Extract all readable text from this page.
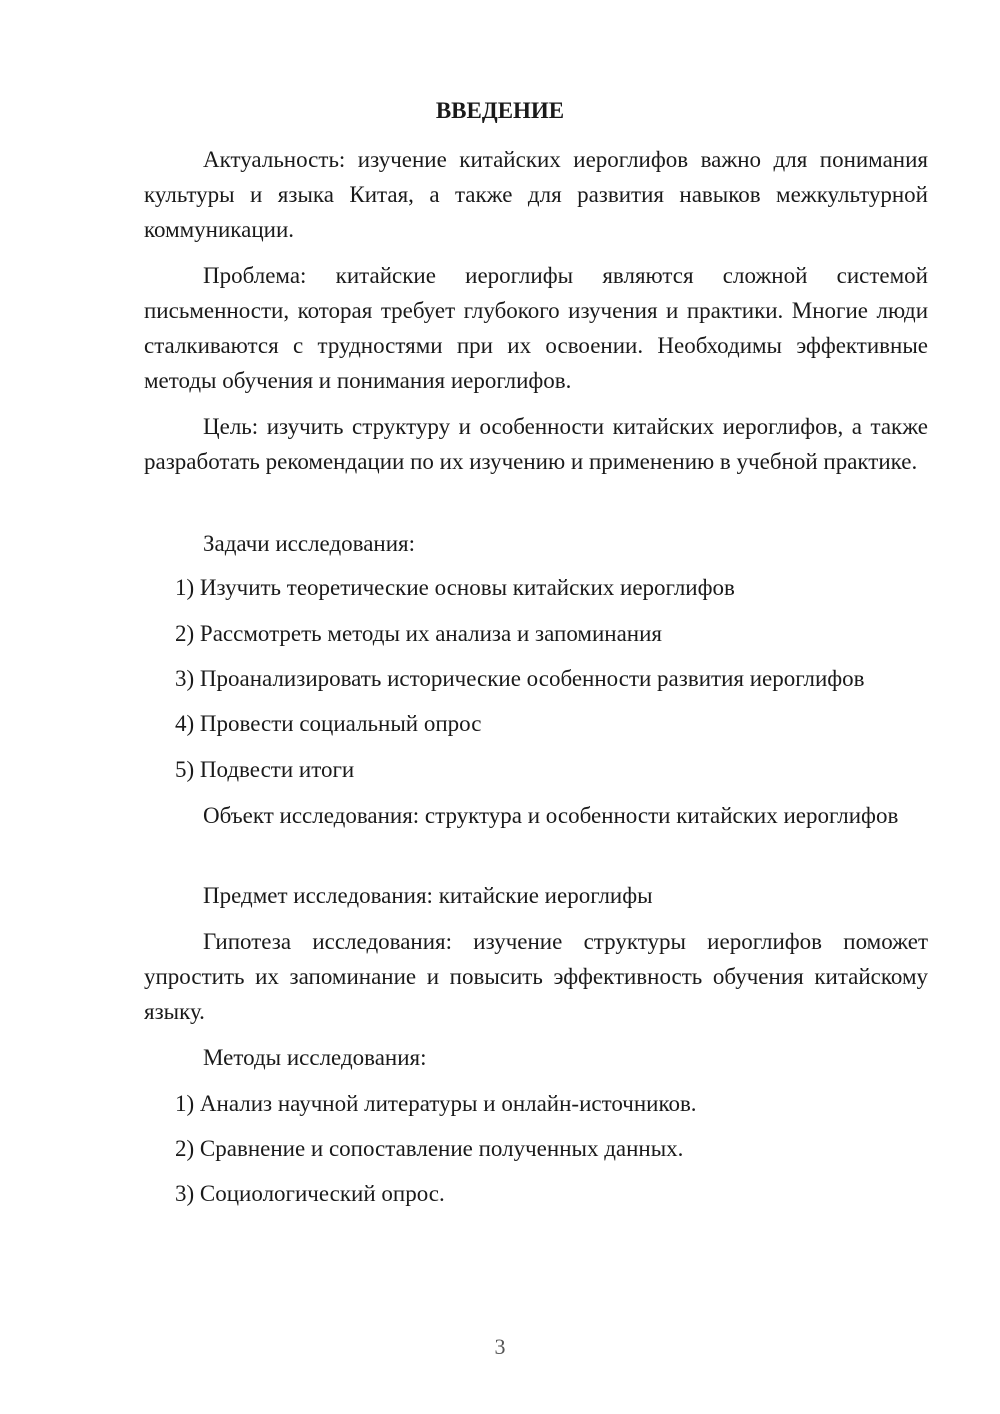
ВВЕДЕНИЕ

Актуальность: изучение китайских иероглифов важно для понимания культуры и языка Китая, а также для развития навыков межкультурной коммуникации.

Проблема: китайские иероглифы являются сложной системой письменности, которая требует глубокого изучения и практики. Многие люди сталкиваются с трудностями при их освоении. Необходимы эффективные методы обучения и понимания иероглифов.

Цель: изучить структуру и особенности китайских иероглифов, а также разработать рекомендации по их изучению и применению в учебной практике.

Задачи исследования:

1) Изучить теоретические основы китайских иероглифов

2) Рассмотреть методы их анализа и запоминания

3) Проанализировать исторические особенности развития иероглифов

4) Провести социальный опрос

5) Подвести итоги

Объект исследования: структура и особенности китайских иероглифов

Предмет исследования: китайские иероглифы

Гипотеза исследования: изучение структуры иероглифов поможет упростить их запоминание и повысить эффективность обучения китайскому языку.

Методы исследования:

1) Анализ научной литературы и онлайн-источников.

2) Сравнение и сопоставление полученных данных.

3) Социологический опрос.

3
